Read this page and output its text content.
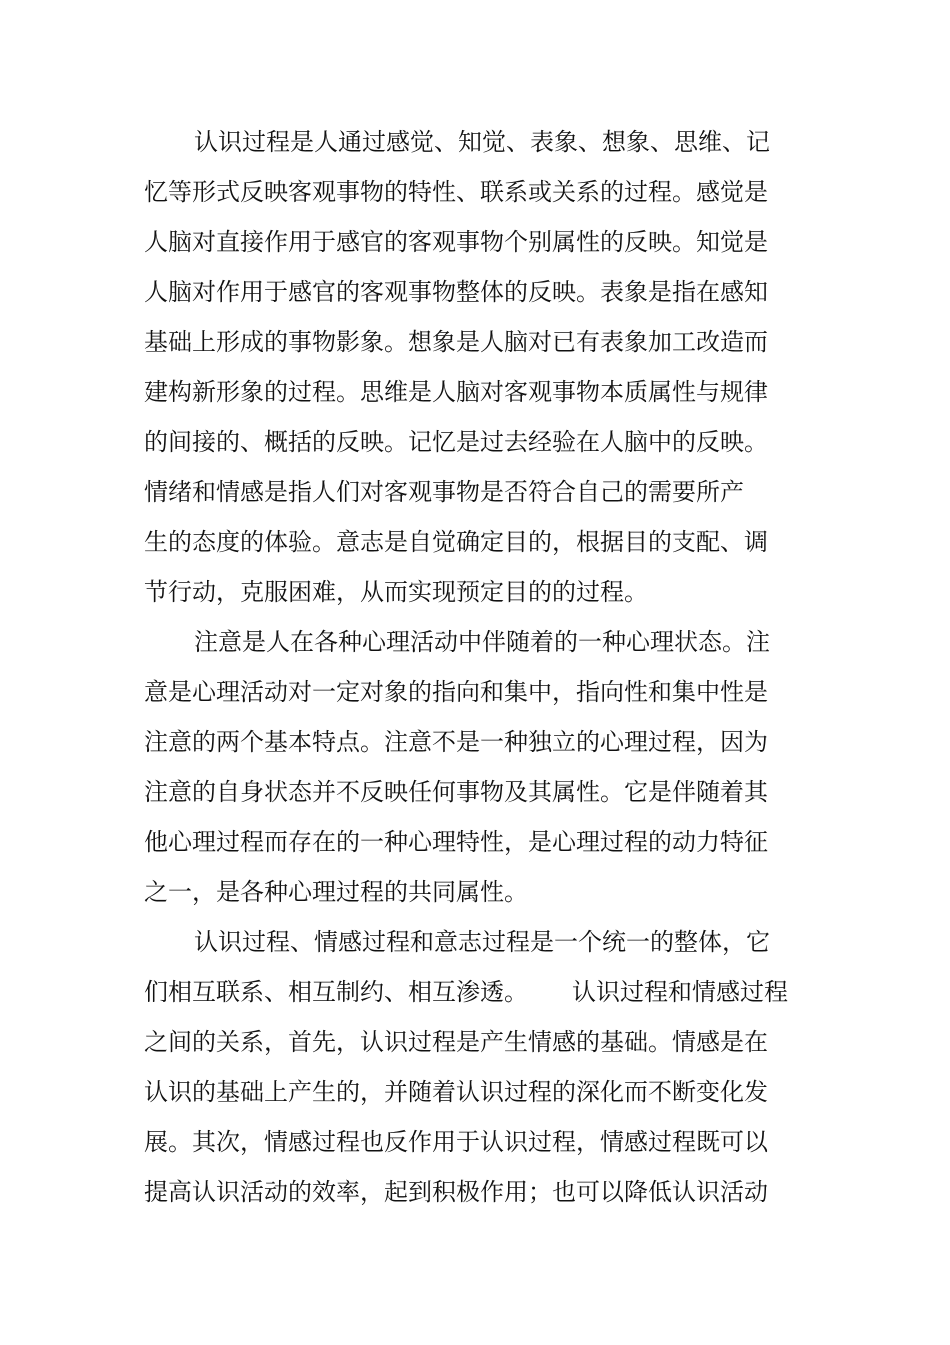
认识过程是人通过感觉、知觉、表象、想象、思维、记
忆等形式反映客观事物的特性、联系或关系的过程。感觉是
人脑对直接作用于感官的客观事物个别属性的反映。知觉是
人脑对作用于感官的客观事物整体的反映。表象是指在感知
基础上形成的事物影象。想象是人脑对已有表象加工改造而
建构新形象的过程。思维是人脑对客观事物本质属性与规律
的间接的、概括的反映。记忆是过去经验在人脑中的反映。
情绪和情感是指人们对客观事物是否符合自己的需要所产
生的态度的体验。意志是自觉确定目的，根据目的支配、调
节行动，克服困难，从而实现预定目的的过程。
注意是人在各种心理活动中伴随着的一种心理状态。注
意是心理活动对一定对象的指向和集中，指向性和集中性是
注意的两个基本特点。注意不是一种独立的心理过程，因为
注意的自身状态并不反映任何事物及其属性。它是伴随着其
他心理过程而存在的一种心理特性，是心理过程的动力特征
之一，是各种心理过程的共同属性。
认识过程、情感过程和意志过程是一个统一的整体，它
们相互联系、相互制约、相互渗透。 认识过程和情感过程
之间的关系，首先，认识过程是产生情感的基础。情感是在
认识的基础上产生的，并随着认识过程的深化而不断变化发
展。其次，情感过程也反作用于认识过程，情感过程既可以
提高认识活动的效率，起到积极作用；也可以降低认识活动
